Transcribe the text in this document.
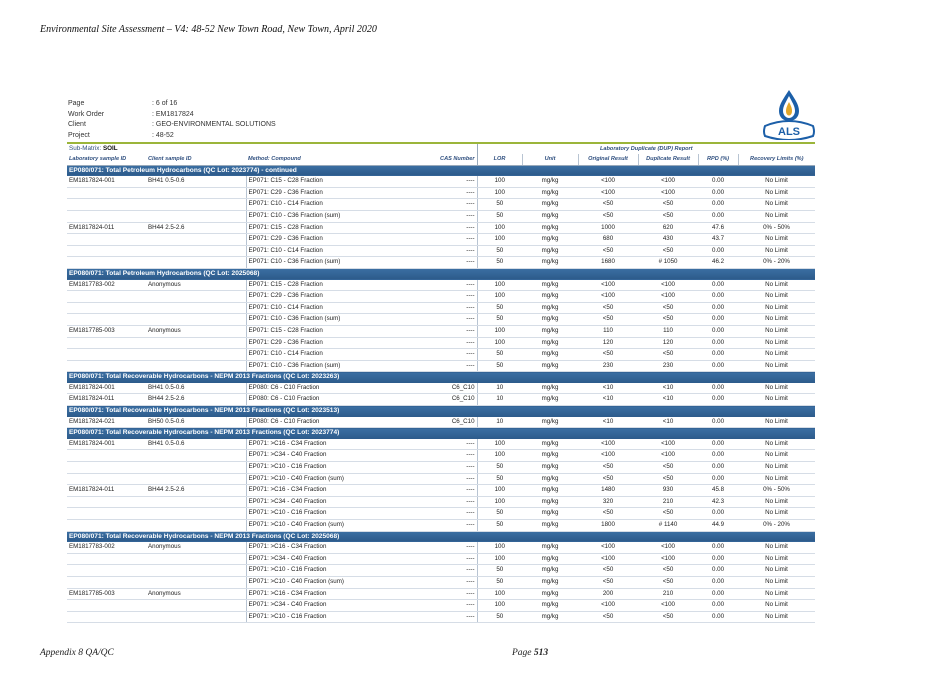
Environmental Site Assessment – V4: 48-52 New Town Road, New Town, April 2020
Page	: 6 of 16
Work Order	: EM1817824
Client	: GEO-ENVIRONMENTAL SOLUTIONS
Project	: 48-52	ALS
Sub-Matrix: SOIL				Laboratory Duplicate (DUP) Report					
Laboratory sample ID	Client sample ID	Method: Compound	CAS Number	LOR	Unit	Original Result	Duplicate Result	RPD (%)	Recovery Limits (%)
EP080/071: Total Petroleum Hydrocarbons (QC Lot: 2023774) - continued									
EM1817824-001	BH41 0.5-0.6	EP071: C15 - C28 Fraction	----	100	mg/kg	<100	<100	0.00	No Limit
		EP071: C29 - C36 Fraction	----	100	mg/kg	<100	<100	0.00	No Limit
		EP071: C10 - C14 Fraction	----	50	mg/kg	<50	<50	0.00	No Limit
		EP071: C10 - C36 Fraction (sum)	----	50	mg/kg	<50	<50	0.00	No Limit
EM1817824-011	BH44 2.5-2.6	EP071: C15 - C28 Fraction	----	100	mg/kg	1000	620	47.6	0% - 50%
		EP071: C29 - C36 Fraction	----	100	mg/kg	680	430	43.7	No Limit
		EP071: C10 - C14 Fraction	----	50	mg/kg	<50	<50	0.00	No Limit
		EP071: C10 - C36 Fraction (sum)	----	50	mg/kg	1680	# 1050	46.2	0% - 20%
EP080/071: Total Petroleum Hydrocarbons (QC Lot: 2025068)									
EM1817783-002	Anonymous	EP071: C15 - C28 Fraction	----	100	mg/kg	<100	<100	0.00	No Limit
		EP071: C29 - C36 Fraction	----	100	mg/kg	<100	<100	0.00	No Limit
		EP071: C10 - C14 Fraction	----	50	mg/kg	<50	<50	0.00	No Limit
		EP071: C10 - C36 Fraction (sum)	----	50	mg/kg	<50	<50	0.00	No Limit
EM1817785-003	Anonymous	EP071: C15 - C28 Fraction	----	100	mg/kg	110	110	0.00	No Limit
		EP071: C29 - C36 Fraction	----	100	mg/kg	120	120	0.00	No Limit
		EP071: C10 - C14 Fraction	----	50	mg/kg	<50	<50	0.00	No Limit
		EP071: C10 - C36 Fraction (sum)	----	50	mg/kg	230	230	0.00	No Limit
EP080/071: Total Recoverable Hydrocarbons - NEPM 2013 Fractions (QC Lot: 2023263)									
EM1817824-001	BH41 0.5-0.6	EP080: C6 - C10 Fraction	C6_C10	10	mg/kg	<10	<10	0.00	No Limit
EM1817824-011	BH44 2.5-2.6	EP080: C6 - C10 Fraction	C6_C10	10	mg/kg	<10	<10	0.00	No Limit
EP080/071: Total Recoverable Hydrocarbons - NEPM 2013 Fractions (QC Lot: 2023513)									
EM1817824-021	BH50 0.5-0.6	EP080: C6 - C10 Fraction	C6_C10	10	mg/kg	<10	<10	0.00	No Limit
EP080/071: Total Recoverable Hydrocarbons - NEPM 2013 Fractions (QC Lot: 2023774)									
EM1817824-001	BH41 0.5-0.6	EP071: >C16 - C34 Fraction	----	100	mg/kg	<100	<100	0.00	No Limit
		EP071: >C34 - C40 Fraction	----	100	mg/kg	<100	<100	0.00	No Limit
		EP071: >C10 - C16 Fraction	----	50	mg/kg	<50	<50	0.00	No Limit
		EP071: >C10 - C40 Fraction (sum)	----	50	mg/kg	<50	<50	0.00	No Limit
EM1817824-011	BH44 2.5-2.6	EP071: >C16 - C34 Fraction	----	100	mg/kg	1480	930	45.8	0% - 50%
		EP071: >C34 - C40 Fraction	----	100	mg/kg	320	210	42.3	No Limit
		EP071: >C10 - C16 Fraction	----	50	mg/kg	<50	<50	0.00	No Limit
		EP071: >C10 - C40 Fraction (sum)	----	50	mg/kg	1800	# 1140	44.9	0% - 20%
EP080/071: Total Recoverable Hydrocarbons - NEPM 2013 Fractions (QC Lot: 2025068)									
EM1817783-002	Anonymous	EP071: >C16 - C34 Fraction	----	100	mg/kg	<100	<100	0.00	No Limit
		EP071: >C34 - C40 Fraction	----	100	mg/kg	<100	<100	0.00	No Limit
		EP071: >C10 - C16 Fraction	----	50	mg/kg	<50	<50	0.00	No Limit
		EP071: >C10 - C40 Fraction (sum)	----	50	mg/kg	<50	<50	0.00	No Limit
EM1817785-003	Anonymous	EP071: >C16 - C34 Fraction	----	100	mg/kg	200	210	0.00	No Limit
		EP071: >C34 - C40 Fraction	----	100	mg/kg	<100	<100	0.00	No Limit
		EP071: >C10 - C16 Fraction	----	50	mg/kg	<50	<50	0.00	No Limit
Appendix 8 QA/QC	Page 513
